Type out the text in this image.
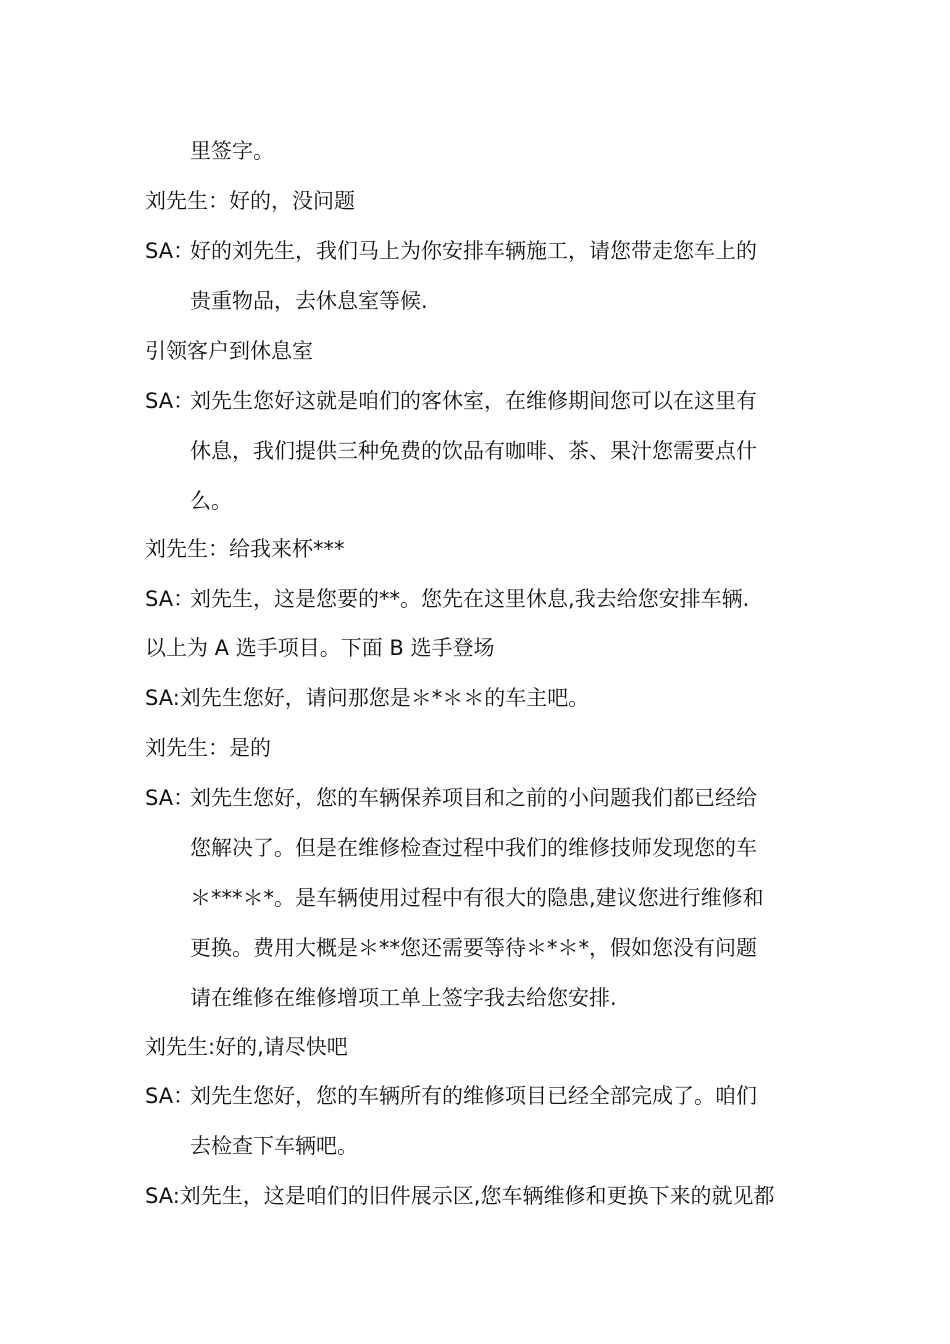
里签字。
刘先生：好的，没问题
SA：
好的刘先生，我们马上为你安排车辆施工，请您带走您车上的
贵重物品，去休息室等候.
引领客户到休息室
SA：
刘先生您好这就是咱们的客休室，在维修期间您可以在这里有
休息，我们提供三种免费的饮品有咖啡、茶、果汁您需要点什
么。
刘先生：给我来杯***
SA：
刘先生，这是您要的**。您先在这里休息,我去给您安排车辆.
以上为 A 选手项目。下面 B 选手登场
SA:刘先生您好，请问那您是＊*＊＊的车主吧。
刘先生：是的
SA：
刘先生您好，您的车辆保养项目和之前的小问题我们都已经给
您解决了。但是在维修检查过程中我们的维修技师发现您的车
＊***＊*。是车辆使用过程中有很大的隐患,建议您进行维修和
更换。费用大概是＊**您还需要等待＊*＊*，假如您没有问题
请在维修在维修增项工单上签字我去给您安排.
刘先生:好的,请尽快吧
SA：
刘先生您好，您的车辆所有的维修项目已经全部完成了。咱们
去检查下车辆吧。
SA:刘先生，这是咱们的旧件展示区,您车辆维修和更换下来的就见都
